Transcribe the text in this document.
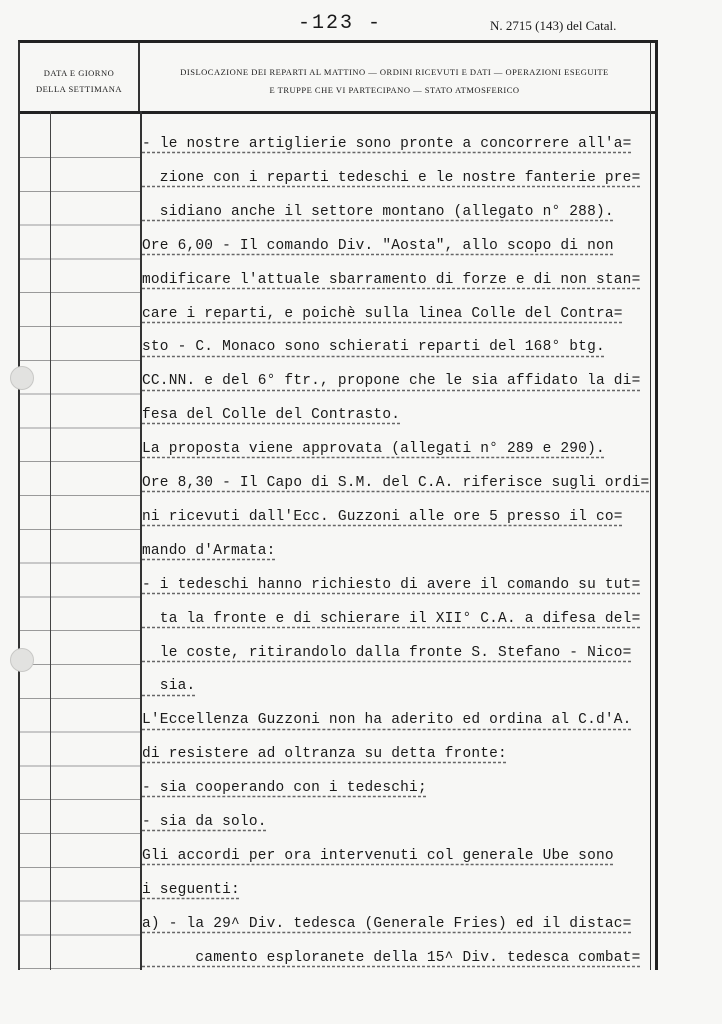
-123 -	N. 2715 (143) del Catal.
DATA E GIORNO
DELLA SETTIMANA
DISLOCAZIONE DEI REPARTI AL MATTINO — ORDINI RICEVUTI E DATI — OPERAZIONI ESEGUITE
E TRUPPE CHE VI PARTECIPANO — STATO ATMOSFERICO
- le nostre artiglierie sono pronte a concorrere all'a=
zione con i reparti tedeschi e le nostre fanterie pre=
sidiano anche il settore montano (allegato n° 288).
Ore 6,00 - Il comando Div. "Aosta", allo scopo di non
modificare l'attuale sbarramento di forze e di non stan=
care i reparti, e poichè sulla linea Colle del Contra=
sto - C. Monaco sono schierati reparti del 168° btg.
CC.NN. e del 6° ftr., propone che le sia affidato la di=
fesa del Colle del Contrasto.
La proposta viene approvata (allegati n° 289 e 290).
Ore 8,30 - Il Capo di S.M. del C.A. riferisce sugli ordi=
ni ricevuti dall'Ecc. Guzzoni alle ore 5 presso il co=
mando d'Armata:
- i tedeschi hanno richiesto di avere il comando su tut=
ta la fronte e di schierare il XII° C.A. a difesa del=
le coste, ritirandolo dalla fronte S. Stefano - Nico=
sia.
L'Eccellenza Guzzoni non ha aderito ed ordina al C.d'A.
di resistere ad oltranza su detta fronte:
- sia cooperando con i tedeschi;
- sia da solo.
Gli accordi per ora intervenuti col generale Ube sono
i seguenti:
a) - la 29^ Div. tedesca (Generale Fries) ed il distac=
camento esploranete della 15^ Div. tedesca combat=
